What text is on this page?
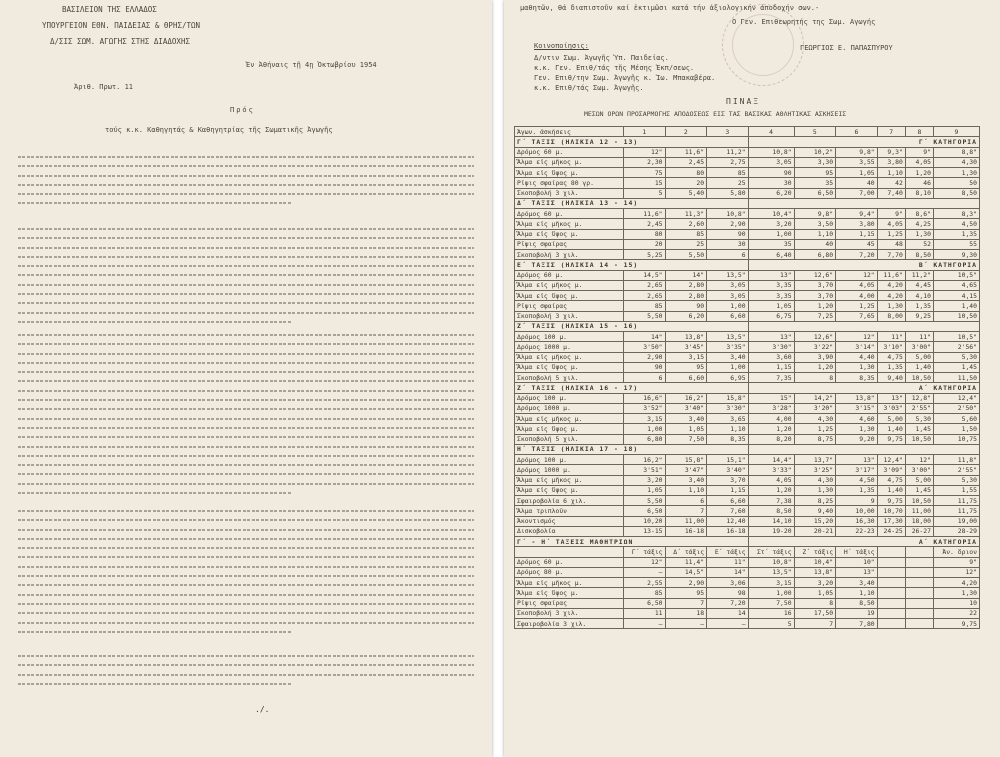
ΒΑΣΙΛΕΙΟΝ ΤΗΣ ΕΛΛΑΔΟΣ
ΥΠΟΥΡΓΕΙΟΝ ΕΘΝ. ΠΑΙΔΕΙΑΣ & ΘΡΗΣ/ΤΩΝ
Δ/ΣΙΣ ΣΩΜ. ΑΓΩΓΗΣ ΣΤΗΣ ΔΙΑΔΟΧΗΣ
Ἐν Ἀθήναις τῇ 4ῃ Ὀκτωβρίου 1954
Ἀριθ. Πρωτ. 11
Πρός
τούς κ.κ. Καθηγητάς & Καθηγητρίας τῆς Σωματικῆς Ἀγωγῆς
./.
μαθητῶν, θά διαπιστοῦν καί ἐκτιμῶσι κατά τήν ἀξιολογικήν ἀποδοχήν σων.-
Ο Γεν. Επιθεωρητής της Σωμ. Αγωγής
Κοινοποίησις:
Δ/ντιν Σωμ. Ἀγωγῆς Ὑπ. Παιδείας.
κ.κ. Γεν. Επιθ/τάς τῆς Μέσης Ἐκπ/σεως.
Γεν. Επιθ/την Σωμ. Ἀγωγῆς κ. Ἰω. Μπακαβέρα.
κ.κ. Επιθ/τάς Σωμ. Ἀγωγῆς.
ΓΕΩΡΓΙΟΣ Ε. ΠΑΠΑΣΠΥΡΟΥ
ΠΙΝΑΞ
ΜΕΣΩΝ ΟΡΩΝ ΠΡΟΣΑΡΜΟΓΗΣ ΑΠΟΔΟΣΕΩΣ ΕΙΣ ΤΑΣ ΒΑΣΙΚΑΣ ΑΘΛΗΤΙΚΑΣ ΑΣΚΗΣΕΙΣ
Ἀγων. ἀσκήσεις	1	2	3	4	5	6	7	8	9
Γ΄ ΤΑΞΙΣ (ΗΛΙΚΙΑ 12 - 13)				Γ΄ ΚΑΤΗΓΟΡΙΑ					
Δρόμος 60 μ.	12"	11,6"	11,2"	10,8"	10,2"	9,8"	9,3"	9"	8,8"
Ἅλμα εἰς μῆκος μ.	2,30	2,45	2,75	3,05	3,30	3,55	3,80	4,05	4,30
Ἅλμα εἰς ὕψος μ.	75	80	85	90	95	1,05	1,10	1,20	1,30
Ρῖψις σφαίρας 80 γρ.	15	20	25	30	35	40	42	46	50
Σκοποβολή 3 χιλ.	5	5,40	5,80	6,20	6,50	7,00	7,40	8,10	8,50
Δ΄ ΤΑΞΙΣ (ΗΛΙΚΙΑ 13 - 14)									
Δρόμος 60 μ.	11,6"	11,3"	10,8"	10,4"	9,8"	9,4"	9"	8,6"	8,3"
Ἅλμα εἰς μῆκος μ.	2,45	2,60	2,90	3,20	3,50	3,80	4,05	4,25	4,50
Ἅλμα εἰς ὕψος μ.	80	85	90	1,00	1,10	1,15	1,25	1,30	1,35
Ρῖψις σφαίρας	20	25	30	35	40	45	48	52	55
Σκοποβολή 3 χιλ.	5,25	5,50	6	6,40	6,80	7,20	7,70	8,50	9,30
Ε΄ ΤΑΞΙΣ (ΗΛΙΚΙΑ 14 - 15)				Β΄ ΚΑΤΗΓΟΡΙΑ					
Δρόμος 60 μ.	14,5"	14"	13,5"	13"	12,6"	12"	11,6"	11,2"	10,5"
Ἅλμα εἰς μῆκος μ.	2,65	2,80	3,05	3,35	3,70	4,05	4,20	4,45	4,65
Ἅλμα εἰς ὕψος μ.	2,65	2,80	3,05	3,35	3,70	4,00	4,20	4,10	4,15
Ρῖψις σφαίρας	85	90	1,00	1,05	1,20	1,25	1,30	1,35	1,40
Σκοποβολή 3 χιλ.	5,50	6,20	6,60	6,75	7,25	7,65	8,00	9,25	10,50
Ζ΄ ΤΑΞΙΣ (ΗΛΙΚΙΑ 15 - 16)									
Δρόμος 100 μ.	14"	13,8"	13,5"	13"	12,6"	12"	11"	11"	10,5"
Δρόμος 1000 μ.	3'50"	3'45"	3'35"	3'30"	3'22"	3'14"	3'10"	3'00"	2'56"
Ἅλμα εἰς μῆκος μ.	2,90	3,15	3,40	3,60	3,90	4,40	4,75	5,00	5,30
Ἅλμα εἰς ὕψος μ.	90	95	1,00	1,15	1,20	1,30	1,35	1,40	1,45
Σκοποβολή 5 χιλ.	6	6,60	6,95	7,35	8	8,35	9,40	10,50	11,50
Ζ΄ ΤΑΞΙΣ (ΗΛΙΚΙΑ 16 - 17)				Α΄ ΚΑΤΗΓΟΡΙΑ					
Δρόμος 100 μ.	16,6"	16,2"	15,8"	15"	14,2"	13,8"	13"	12,8"	12,4"
Δρόμος 1000 μ.	3'52"	3'40"	3'30"	3'28"	3'20"	3'15"	3'03"	2'55"	2'50"
Ἅλμα εἰς μῆκος μ.	3,15	3,40	3,65	4,00	4,30	4,60	5,00	5,30	5,60
Ἅλμα εἰς ὕψος μ.	1,00	1,05	1,10	1,20	1,25	1,30	1,40	1,45	1,50
Σκοποβολή 5 χιλ.	6,80	7,50	8,35	8,20	8,75	9,20	9,75	10,50	10,75
Η΄ ΤΑΞΙΣ (ΗΛΙΚΙΑ 17 - 18)									
Δρόμος 100 μ.	16,2"	15,8"	15,1"	14,4"	13,7"	13"	12,4"	12"	11,8"
Δρόμος 1000 μ.	3'51"	3'47"	3'40"	3'33"	3'25"	3'17"	3'09"	3'00"	2'55"
Ἅλμα εἰς μῆκος μ.	3,20	3,40	3,70	4,05	4,30	4,50	4,75	5,00	5,30
Ἅλμα εἰς ὕψος μ.	1,05	1,10	1,15	1,20	1,30	1,35	1,40	1,45	1,55
Σφαιροβολία 6 χιλ.	5,50	6	6,60	7,38	8,25	9	9,75	10,50	11,75
Ἅλμα τριπλοῦν	6,50	7	7,60	8,50	9,40	10,00	10,70	11,00	11,75
Ἀκοντισμός	10,20	11,00	12,40	14,10	15,20	16,30	17,30	18,00	19,00
Δισκοβολία	13-15	16-18	16-18	19-20	20-21	22-23	24-25	26-27	28-29
Γ΄ - Η΄ ΤΑΞΕΙΣ ΜΑΘΗΤΡΙΩΝ				Α΄ ΚΑΤΗΓΟΡΙΑ					
	Γ΄ τάξις	Δ΄ τάξις	Ε΄ τάξις	Στ΄ τάξις	Ζ΄ τάξις	Η΄ τάξις			Ἀν. ὅριον
Δρόμος 60 μ.	12"	11,4"	11"	10,8"	10,4"	10"			9"
Δρόμος 80 μ.	—	14,5"	14"	13,5"	13,8"	13"			12"
Ἅλμα εἰς μῆκος μ.	2,55	2,90	3,06	3,15	3,20	3,40			4,20
Ἅλμα εἰς ὕψος μ.	85	95	98	1,00	1,05	1,10			1,30
Ρῖψις σφαίρας	6,50	7	7,20	7,50	8	8,50			10
Σκοποβολή 3 χιλ.	11	18	14	16	17,50	19			22
Σφαιροβολία 3 χιλ.	—	—	—	5	7	7,80			9,75
